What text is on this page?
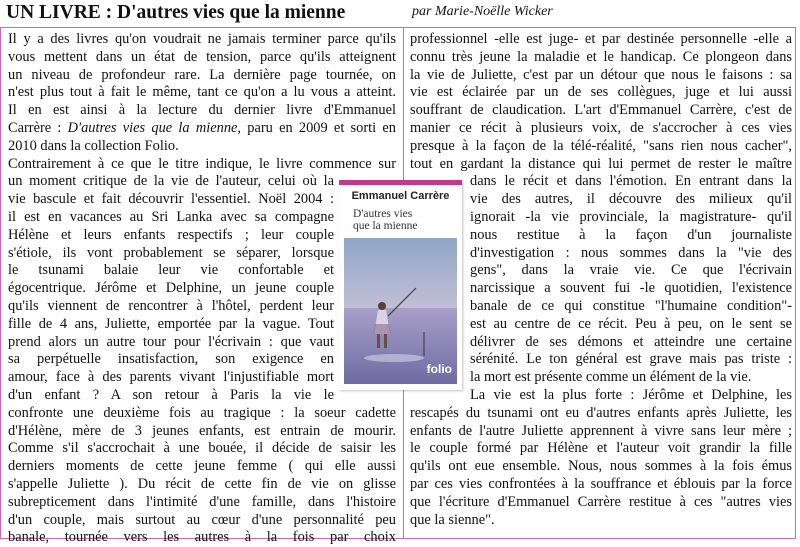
UN LIVRE : D'autres vies que la mienne	par Marie-Noëlle Wicker

Il y a des livres qu'on voudrait ne jamais terminer parce qu'ils
vous mettent dans un état de tension, parce qu'ils atteignent
un niveau de profondeur rare. La dernière page tournée, on
n'est plus tout à fait le même, tant ce qu'on a lu vous a atteint.
Il en est ainsi à la lecture du dernier livre d'Emmanuel
Carrère : D'autres vies que la mienne, paru en 2009 et sorti en
2010 dans la collection Folio.

Contrairement à ce que le titre indique, le livre commence sur
un moment critique de la vie de l'auteur, celui où la
vie bascule et fait découvrir l'essentiel. Noël 2004 :
il est en vacances au Sri Lanka avec sa compagne
Hélène et leurs enfants respectifs ; leur couple
s'étiole, ils vont probablement se séparer, lorsque
le tsunami balaie leur vie confortable et
égocentrique. Jérôme et Delphine, un jeune couple
qu'ils viennent de rencontrer à l'hôtel, perdent leur
fille de 4 ans, Juliette, emportée par la vague. Tout
prend alors un autre tour pour l'écrivain : que vaut
sa perpétuelle insatisfaction, son exigence en
amour, face à des parents vivant l'injustifiable mort
d'un enfant ? A son retour à Paris la vie le
confronte une deuxième fois au tragique : la soeur cadette
d'Hélène, mère de 3 jeunes enfants, est entrain de mourir.
Comme s'il s'accrochait à une bouée, il décide de saisir les
derniers moments de cette jeune femme ( qui elle aussi
s'appelle Juliette ). Du récit de cette fin de vie on glisse
subrepticement dans l'intimité d'une famille, dans l'histoire
d'un couple, mais surtout au cœur d'une personnalité peu
banale, tournée vers les autres à la fois par choix

professionnel -elle est juge- et par destinée personnelle -elle a
connu très jeune la maladie et le handicap. Ce plongeon dans
la vie de Juliette, c'est par un détour que nous le faisons : sa
vie est éclairée par un de ses collègues, juge et lui aussi
souffrant de claudication. L'art d'Emmanuel Carrère, c'est de
manier ce récit à plusieurs voix, de s'accrocher à ces vies
presque à la façon de la télé-réalité, "sans rien nous cacher",
tout en gardant la distance qui lui permet de rester le maître
dans le récit et dans l'émotion. En entrant dans la
vie des autres, il découvre des milieux qu'il
ignorait -la vie provinciale, la magistrature- qu'il
nous restitue à la façon d'un journaliste
d'investigation : nous sommes dans la "vie des
gens", dans la vraie vie. Ce que l'écrivain
narcissique a souvent fui -le quotidien, l'existence
banale de ce qui constitue "l'humaine condition"-
est au centre de ce récit. Peu à peu, on le sent se
délivrer de ses démons et atteindre une certaine
sérénité. Le ton général est grave mais pas triste :
la mort est présente comme un élément de la vie.

La vie est la plus forte : Jérôme et Delphine, les
rescapés du tsunami ont eu d'autres enfants après Juliette, les
enfants de l'autre Juliette apprennent à vivre sans leur mère ;
le couple formé par Hélène et l'auteur voit grandir la fille
qu'ils ont eue ensemble. Nous, nous sommes à la fois émus
par ces vies confrontées à la souffrance et éblouis par la force
que l'écriture d'Emmanuel Carrère restitue à ces "autres vies
que la sienne".

Emmanuel Carrère
D'autres vies
que la mienne
folio
